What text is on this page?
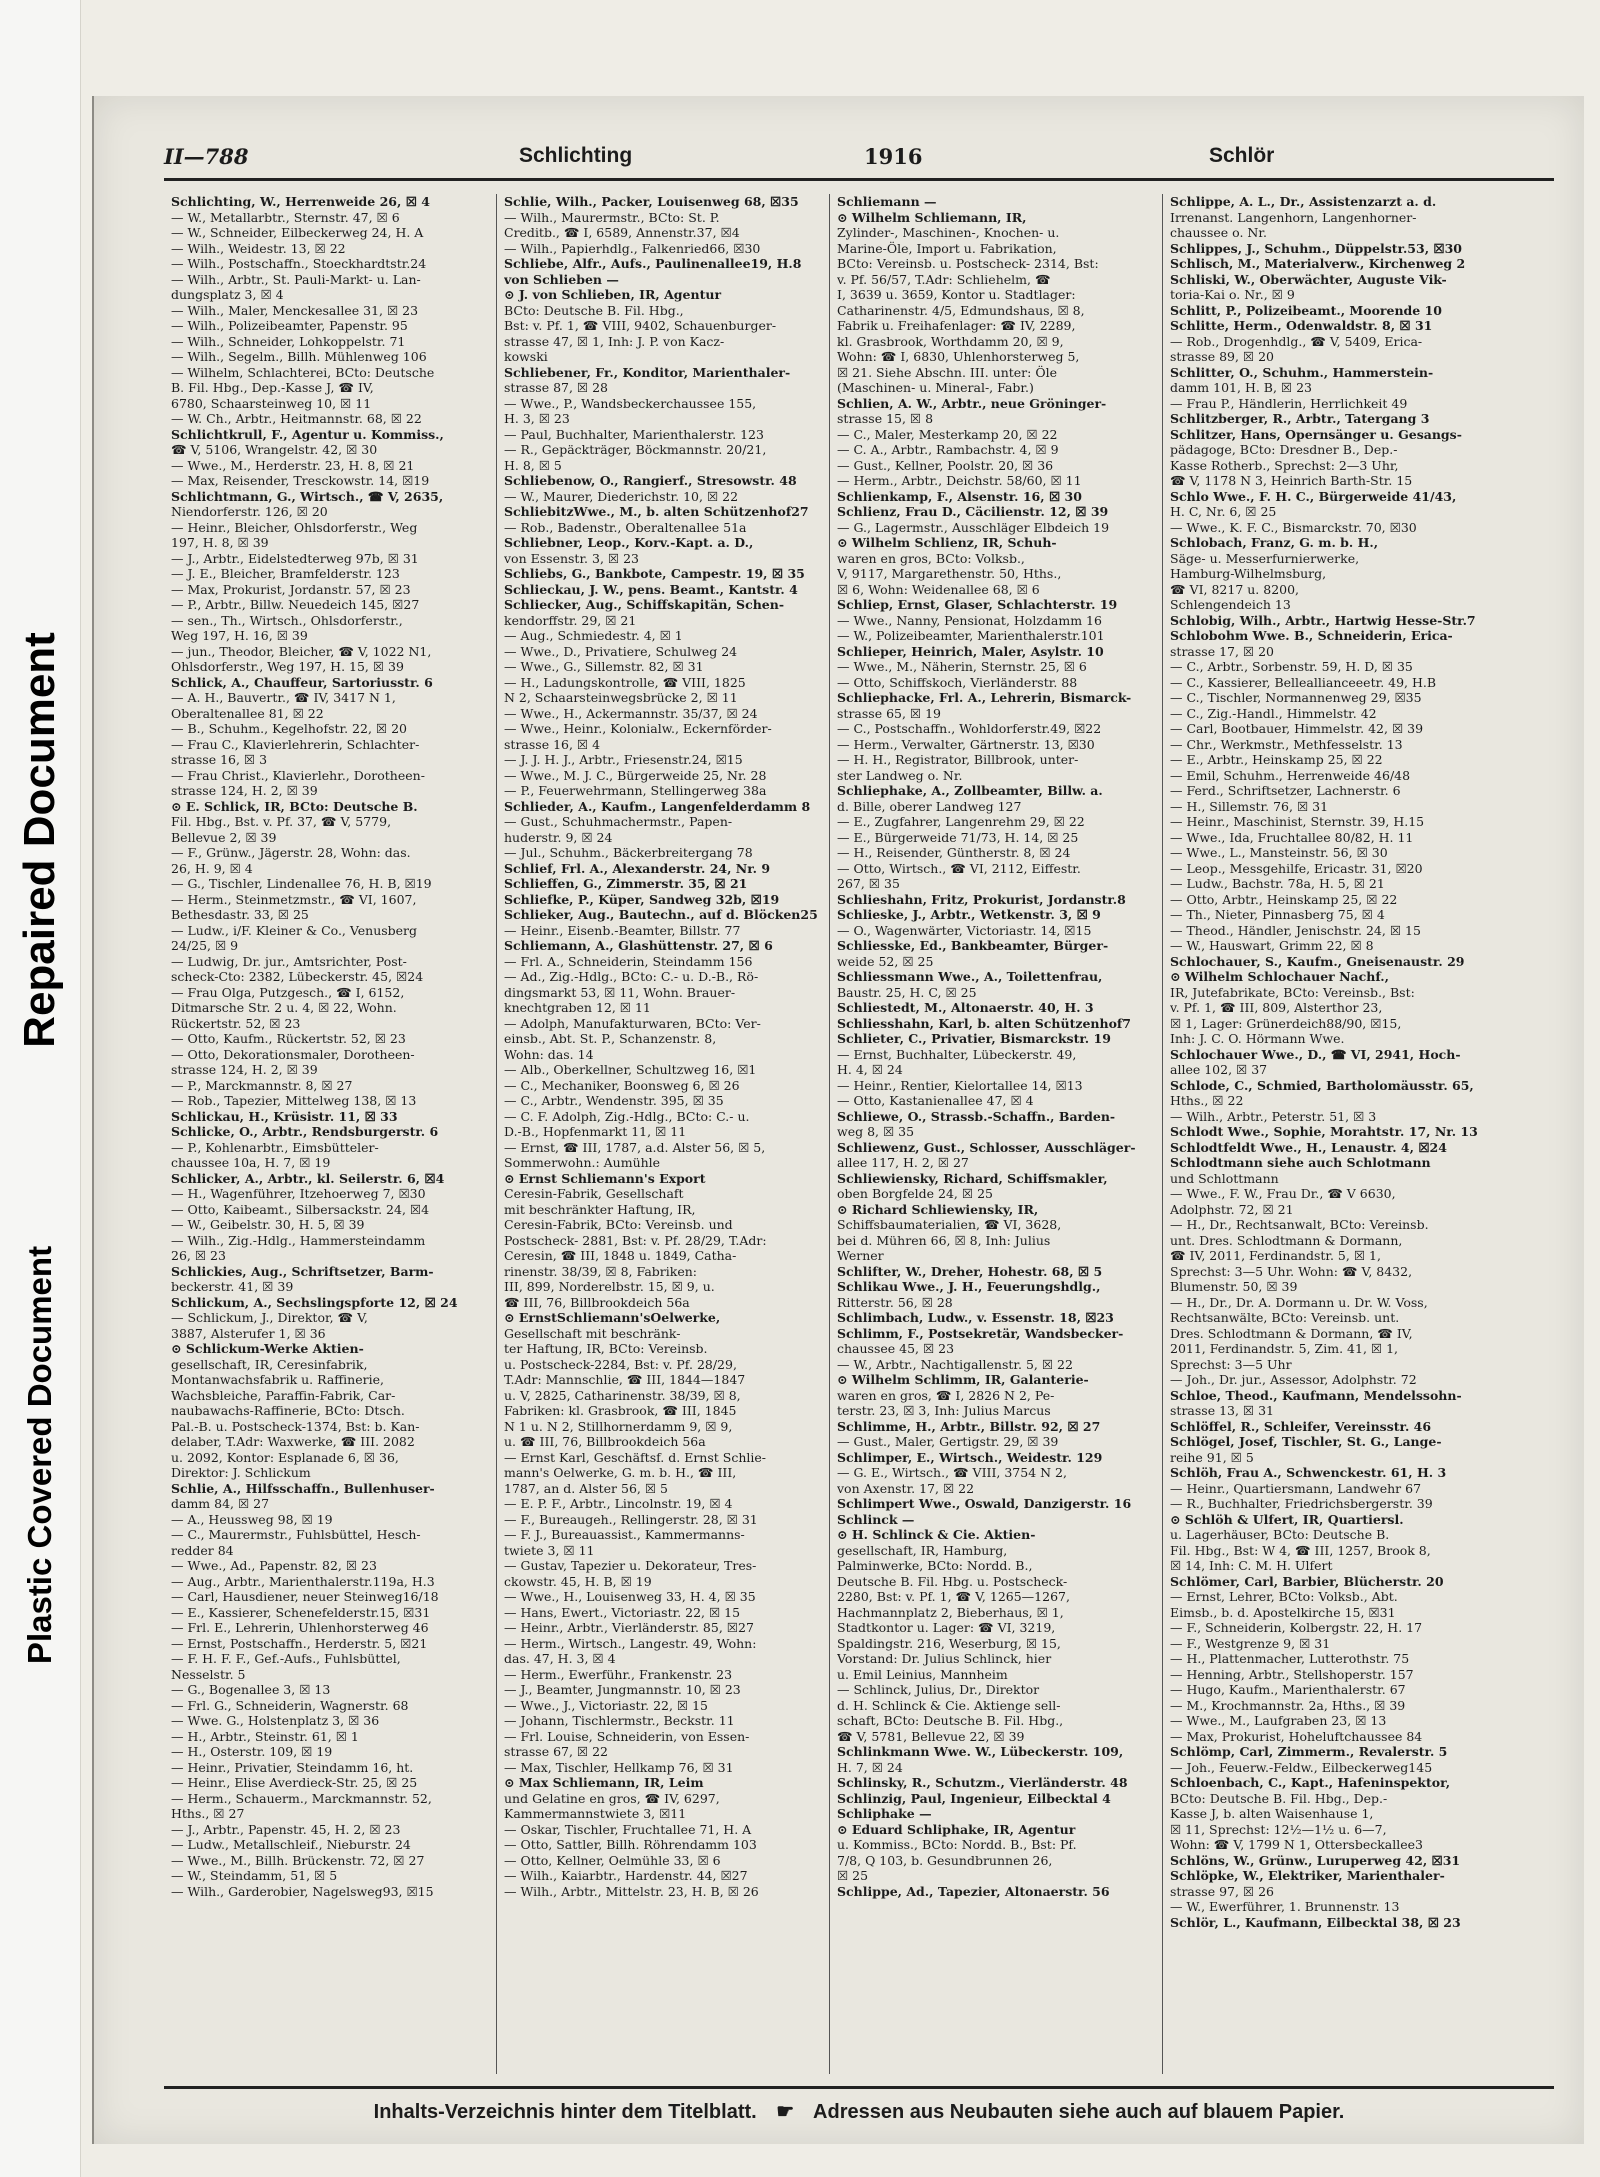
Plastic Covered Document
Repaired Document
II—788	Schlichting	1916	Schlör
Schlichting, W., Herrenweide 26, ☒ 4
— W., Metallarbtr., Sternstr. 47, ☒ 6
— W., Schneider, Eilbeckerweg 24, H. A
— Wilh., Weidestr. 13, ☒ 22
— Wilh., Postschaffn., Stoeckhardtstr.24
— Wilh., Arbtr., St. Pauli-Markt- u. Lan-
dungsplatz 3, ☒ 4
— Wilh., Maler, Menckesallee 31, ☒ 23
— Wilh., Polizeibeamter, Papenstr. 95
— Wilh., Schneider, Lohkoppelstr. 71
— Wilh., Segelm., Billh. Mühlenweg 106
— Wilhelm, Schlachterei, BCto: Deutsche
B. Fil. Hbg., Dep.-Kasse J, ☎ IV,
6780, Schaarsteinweg 10, ☒ 11
— W. Ch., Arbtr., Heitmannstr. 68, ☒ 22
Schlichtkrull, F., Agentur u. Kommiss.,
☎ V, 5106, Wrangelstr. 42, ☒ 30
— Wwe., M., Herderstr. 23, H. 8, ☒ 21
— Max, Reisender, Tresckowstr. 14, ☒19
Schlichtmann, G., Wirtsch., ☎ V, 2635,
Niendorferstr. 126, ☒ 20
— Heinr., Bleicher, Ohlsdorferstr., Weg
197, H. 8, ☒ 39
— J., Arbtr., Eidelstedterweg 97b, ☒ 31
— J. E., Bleicher, Bramfelderstr. 123
— Max, Prokurist, Jordanstr. 57, ☒ 23
— P., Arbtr., Billw. Neuedeich 145, ☒27
— sen., Th., Wirtsch., Ohlsdorferstr.,
Weg 197, H. 16, ☒ 39
— jun., Theodor, Bleicher, ☎ V, 1022 N1,
Ohlsdorferstr., Weg 197, H. 15, ☒ 39
Schlick, A., Chauffeur, Sartoriusstr. 6
— A. H., Bauvertr., ☎ IV, 3417 N 1,
Oberaltenallee 81, ☒ 22
— B., Schuhm., Kegelhofstr. 22, ☒ 20
— Frau C., Klavierlehrerin, Schlachter-
strasse 16, ☒ 3
— Frau Christ., Klavierlehr., Dorotheen-
strasse 124, H. 2, ☒ 39
⊙ E. Schlick, IR, BCto: Deutsche B.
Fil. Hbg., Bst. v. Pf. 37, ☎ V, 5779,
Bellevue 2, ☒ 39
— F., Grünw., Jägerstr. 28, Wohn: das.
26, H. 9, ☒ 4
— G., Tischler, Lindenallee 76, H. B, ☒19
— Herm., Steinmetzmstr., ☎ VI, 1607,
Bethesdastr. 33, ☒ 25
— Ludw., i/F. Kleiner & Co., Venusberg
24/25, ☒ 9
— Ludwig, Dr. jur., Amtsrichter, Post-
scheck-Cto: 2382, Lübeckerstr. 45, ☒24
— Frau Olga, Putzgesch., ☎ I, 6152,
Ditmarsche Str. 2 u. 4, ☒ 22, Wohn.
Rückertstr. 52, ☒ 23
— Otto, Kaufm., Rückertstr. 52, ☒ 23
— Otto, Dekorationsmaler, Dorotheen-
strasse 124, H. 2, ☒ 39
— P., Marckmannstr. 8, ☒ 27
— Rob., Tapezier, Mittelweg 138, ☒ 13
Schlickau, H., Krüsistr. 11, ☒ 33
Schlicke, O., Arbtr., Rendsburgerstr. 6
— P., Kohlenarbtr., Eimsbütteler-
chaussee 10a, H. 7, ☒ 19
Schlicker, A., Arbtr., kl. Seilerstr. 6, ☒4
— H., Wagenführer, Itzehoerweg 7, ☒30
— Otto, Kaibeamt., Silbersackstr. 24, ☒4
— W., Geibelstr. 30, H. 5, ☒ 39
— Wilh., Zig.-Hdlg., Hammersteindamm
26, ☒ 23
Schlickies, Aug., Schriftsetzer, Barm-
beckerstr. 41, ☒ 39
Schlickum, A., Sechslingspforte 12, ☒ 24
— Schlickum, J., Direktor, ☎ V,
3887, Alsterufer 1, ☒ 36
⊙ Schlickum-Werke Aktien-
gesellschaft, IR, Ceresinfabrik,
Montanwachsfabrik u. Raffinerie,
Wachsbleiche, Paraffin-Fabrik, Car-
naubawachs-Raffinerie, BCto: Dtsch.
Pal.-B. u. Postscheck-1374, Bst: b. Kan-
delaber, T.Adr: Waxwerke, ☎ III. 2082
u. 2092, Kontor: Esplanade 6, ☒ 36,
Direktor: J. Schlickum
Schlie, A., Hilfsschaffn., Bullenhuser-
damm 84, ☒ 27
— A., Heussweg 98, ☒ 19
— C., Maurermstr., Fuhlsbüttel, Hesch-
redder 84
— Wwe., Ad., Papenstr. 82, ☒ 23
— Aug., Arbtr., Marienthalerstr.119a, H.3
— Carl, Hausdiener, neuer Steinweg16/18
— E., Kassierer, Schenefelderstr.15, ☒31
— Frl. E., Lehrerin, Uhlenhorsterweg 46
— Ernst, Postschaffn., Herderstr. 5, ☒21
— F. H. F. F., Gef.-Aufs., Fuhlsbüttel,
Nesselstr. 5
— G., Bogenallee 3, ☒ 13
— Frl. G., Schneiderin, Wagnerstr. 68
— Wwe. G., Holstenplatz 3, ☒ 36
— H., Arbtr., Steinstr. 61, ☒ 1
— H., Osterstr. 109, ☒ 19
— Heinr., Privatier, Steindamm 16, ht.
— Heinr., Elise Averdieck-Str. 25, ☒ 25
— Herm., Schauerm., Marckmannstr. 52,
Hths., ☒ 27
— J., Arbtr., Papenstr. 45, H. 2, ☒ 23
— Ludw., Metallschleif., Nieburstr. 24
— Wwe., M., Billh. Brückenstr. 72, ☒ 27
— W., Steindamm, 51, ☒ 5
— Wilh., Garderobier, Nagelsweg93, ☒15
Schlie, Wilh., Packer, Louisenweg 68, ☒35
— Wilh., Maurermstr., BCto: St. P.
Creditb., ☎ I, 6589, Annenstr.37, ☒4
— Wilh., Papierhdlg., Falkenried66, ☒30
Schliebe, Alfr., Aufs., Paulinenallee19, H.8
von Schlieben —
⊙ J. von Schlieben, IR, Agentur
BCto: Deutsche B. Fil. Hbg.,
Bst: v. Pf. 1, ☎ VIII, 9402, Schauenburger-
strasse 47, ☒ 1, Inh: J. P. von Kacz-
kowski
Schliebener, Fr., Konditor, Marienthaler-
strasse 87, ☒ 28
— Wwe., P., Wandsbeckerchaussee 155,
H. 3, ☒ 23
— Paul, Buchhalter, Marienthalerstr. 123
— R., Gepäckträger, Böckmannstr. 20/21,
H. 8, ☒ 5
Schliebenow, O., Rangierf., Stresowstr. 48
— W., Maurer, Diederichstr. 10, ☒ 22
SchliebitzWwe., M., b. alten Schützenhof27
— Rob., Badenstr., Oberaltenallee 51a
Schliebner, Leop., Korv.-Kapt. a. D.,
von Essenstr. 3, ☒ 23
Schliebs, G., Bankbote, Campestr. 19, ☒ 35
Schlieckau, J. W., pens. Beamt., Kantstr. 4
Schliecker, Aug., Schiffskapitän, Schen-
kendorffstr. 29, ☒ 21
— Aug., Schmiedestr. 4, ☒ 1
— Wwe., D., Privatiere, Schulweg 24
— Wwe., G., Sillemstr. 82, ☒ 31
— H., Ladungskontrolle, ☎ VIII, 1825
N 2, Schaarsteinwegsbrücke 2, ☒ 11
— Wwe., H., Ackermannstr. 35/37, ☒ 24
— Wwe., Heinr., Kolonialw., Eckernförder-
strasse 16, ☒ 4
— J. J. H. J., Arbtr., Friesenstr.24, ☒15
— Wwe., M. J. C., Bürgerweide 25, Nr. 28
— P., Feuerwehrmann, Stellingerweg 38a
Schlieder, A., Kaufm., Langenfelderdamm 8
— Gust., Schuhmachermstr., Papen-
huderstr. 9, ☒ 24
— Jul., Schuhm., Bäckerbreitergang 78
Schlief, Frl. A., Alexanderstr. 24, Nr. 9
Schlieffen, G., Zimmerstr. 35, ☒ 21
Schliefke, P., Küper, Sandweg 32b, ☒19
Schlieker, Aug., Bautechn., auf d. Blöcken25
— Heinr., Eisenb.-Beamter, Billstr. 77
Schliemann, A., Glashüttenstr. 27, ☒ 6
— Frl. A., Schneiderin, Steindamm 156
— Ad., Zig.-Hdlg., BCto: C.- u. D.-B., Rö-
dingsmarkt 53, ☒ 11, Wohn. Brauer-
knechtgraben 12, ☒ 11
— Adolph, Manufakturwaren, BCto: Ver-
einsb., Abt. St. P., Schanzenstr. 8,
Wohn: das. 14
— Alb., Oberkellner, Schultzweg 16, ☒1
— C., Mechaniker, Boonsweg 6, ☒ 26
— C., Arbtr., Wendenstr. 395, ☒ 35
— C. F. Adolph, Zig.-Hdlg., BCto: C.- u.
D.-B., Hopfenmarkt 11, ☒ 11
— Ernst, ☎ III, 1787, a.d. Alster 56, ☒ 5,
Sommerwohn.: Aumühle
⊙ Ernst Schliemann's Export
Ceresin-Fabrik, Gesellschaft
mit beschränkter Haftung, IR,
Ceresin-Fabrik, BCto: Vereinsb. und
Postscheck- 2881, Bst: v. Pf. 28/29, T.Adr:
Ceresin, ☎ III, 1848 u. 1849, Catha-
rinenstr. 38/39, ☒ 8, Fabriken:
III, 899, Norderelbstr. 15, ☒ 9, u.
☎ III, 76, Billbrookdeich 56a
⊙ ErnstSchliemann'sOelwerke,
Gesellschaft mit beschränk-
ter Haftung, IR, BCto: Vereinsb.
u. Postscheck-2284, Bst: v. Pf. 28/29,
T.Adr: Mannschlie, ☎ III, 1844—1847
u. V, 2825, Catharinenstr. 38/39, ☒ 8,
Fabriken: kl. Grasbrook, ☎ III, 1845
N 1 u. N 2, Stillhornerdamm 9, ☒ 9,
u. ☎ III, 76, Billbrookdeich 56a
— Ernst Karl, Geschäftsf. d. Ernst Schlie-
mann's Oelwerke, G. m. b. H., ☎ III,
1787, an d. Alster 56, ☒ 5
— E. P. F., Arbtr., Lincolnstr. 19, ☒ 4
— F., Bureaugeh., Rellingerstr. 28, ☒ 31
— F. J., Bureauassist., Kammermanns-
twiete 3, ☒ 11
— Gustav, Tapezier u. Dekorateur, Tres-
ckowstr. 45, H. B, ☒ 19
— Wwe., H., Louisenweg 33, H. 4, ☒ 35
— Hans, Ewert., Victoriastr. 22, ☒ 15
— Heinr., Arbtr., Vierländerstr. 85, ☒27
— Herm., Wirtsch., Langestr. 49, Wohn:
das. 47, H. 3, ☒ 4
— Herm., Ewerführ., Frankenstr. 23
— J., Beamter, Jungmannstr. 10, ☒ 23
— Wwe., J., Victoriastr. 22, ☒ 15
— Johann, Tischlermstr., Beckstr. 11
— Frl. Louise, Schneiderin, von Essen-
strasse 67, ☒ 22
— Max, Tischler, Hellkamp 76, ☒ 31
⊙ Max Schliemann, IR, Leim
und Gelatine en gros, ☎ IV, 6297,
Kammermannstwiete 3, ☒11
— Oskar, Tischler, Fruchtallee 71, H. A
— Otto, Sattler, Billh. Röhrendamm 103
— Otto, Kellner, Oelmühle 33, ☒ 6
— Wilh., Kaiarbtr., Hardenstr. 44, ☒27
— Wilh., Arbtr., Mittelstr. 23, H. B, ☒ 26
Schliemann —
⊙ Wilhelm Schliemann, IR,
Zylinder-, Maschinen-, Knochen- u.
Marine-Öle, Import u. Fabrikation,
BCto: Vereinsb. u. Postscheck- 2314, Bst:
v. Pf. 56/57, T.Adr: Schliehelm, ☎
I, 3639 u. 3659, Kontor u. Stadtlager:
Catharinenstr. 4/5, Edmundshaus, ☒ 8,
Fabrik u. Freihafenlager: ☎ IV, 2289,
kl. Grasbrook, Worthdamm 20, ☒ 9,
Wohn: ☎ I, 6830, Uhlenhorsterweg 5,
☒ 21. Siehe Abschn. III. unter: Öle
(Maschinen- u. Mineral-, Fabr.)
Schlien, A. W., Arbtr., neue Gröninger-
strasse 15, ☒ 8
— C., Maler, Mesterkamp 20, ☒ 22
— C. A., Arbtr., Rambachstr. 4, ☒ 9
— Gust., Kellner, Poolstr. 20, ☒ 36
— Herm., Arbtr., Deichstr. 58/60, ☒ 11
Schlienkamp, F., Alsenstr. 16, ☒ 30
Schlienz, Frau D., Cäcilienstr. 12, ☒ 39
— G., Lagermstr., Ausschläger Elbdeich 19
⊙ Wilhelm Schlienz, IR, Schuh-
waren en gros, BCto: Volksb.,
V, 9117, Margarethenstr. 50, Hths.,
☒ 6, Wohn: Weidenallee 68, ☒ 6
Schliep, Ernst, Glaser, Schlachterstr. 19
— Wwe., Nanny, Pensionat, Holzdamm 16
— W., Polizeibeamter, Marienthalerstr.101
Schlieper, Heinrich, Maler, Asylstr. 10
— Wwe., M., Näherin, Sternstr. 25, ☒ 6
— Otto, Schiffskoch, Vierländerstr. 88
Schliephacke, Frl. A., Lehrerin, Bismarck-
strasse 65, ☒ 19
— C., Postschaffn., Wohldorferstr.49, ☒22
— Herm., Verwalter, Gärtnerstr. 13, ☒30
— H. H., Registrator, Billbrook, unter-
ster Landweg o. Nr.
Schliephake, A., Zollbeamter, Billw. a.
d. Bille, oberer Landweg 127
— E., Zugfahrer, Langenrehm 29, ☒ 22
— E., Bürgerweide 71/73, H. 14, ☒ 25
— H., Reisender, Güntherstr. 8, ☒ 24
— Otto, Wirtsch., ☎ VI, 2112, Eiffestr.
267, ☒ 35
Schlieshahn, Fritz, Prokurist, Jordanstr.8
Schlieske, J., Arbtr., Wetkenstr. 3, ☒ 9
— O., Wagenwärter, Victoriastr. 14, ☒15
Schliesske, Ed., Bankbeamter, Bürger-
weide 52, ☒ 25
Schliessmann Wwe., A., Toilettenfrau,
Baustr. 25, H. C, ☒ 25
Schliestedt, M., Altonaerstr. 40, H. 3
Schliesshahn, Karl, b. alten Schützenhof7
Schlieter, C., Privatier, Bismarckstr. 19
— Ernst, Buchhalter, Lübeckerstr. 49,
H. 4, ☒ 24
— Heinr., Rentier, Kielortallee 14, ☒13
— Otto, Kastanienallee 47, ☒ 4
Schliewe, O., Strassb.-Schaffn., Barden-
weg 8, ☒ 35
Schliewenz, Gust., Schlosser, Ausschläger-
allee 117, H. 2, ☒ 27
Schliewiensky, Richard, Schiffsmakler,
oben Borgfelde 24, ☒ 25
⊙ Richard Schliewiensky, IR,
Schiffsbaumaterialien, ☎ VI, 3628,
bei d. Mühren 66, ☒ 8, Inh: Julius
Werner
Schlifter, W., Dreher, Hohestr. 68, ☒ 5
Schlikau Wwe., J. H., Feuerungshdlg.,
Ritterstr. 56, ☒ 28
Schlimbach, Ludw., v. Essenstr. 18, ☒23
Schlimm, F., Postsekretär, Wandsbecker-
chaussee 45, ☒ 23
— W., Arbtr., Nachtigallenstr. 5, ☒ 22
⊙ Wilhelm Schlimm, IR, Galanterie-
waren en gros, ☎ I, 2826 N 2, Pe-
terstr. 23, ☒ 3, Inh: Julius Marcus
Schlimme, H., Arbtr., Billstr. 92, ☒ 27
— Gust., Maler, Gertigstr. 29, ☒ 39
Schlimper, E., Wirtsch., Weidestr. 129
— G. E., Wirtsch., ☎ VIII, 3754 N 2,
von Axenstr. 17, ☒ 22
Schlimpert Wwe., Oswald, Danzigerstr. 16
Schlinck —
⊙ H. Schlinck & Cie. Aktien-
gesellschaft, IR, Hamburg,
Palminwerke, BCto: Nordd. B.,
Deutsche B. Fil. Hbg. u. Postscheck-
2280, Bst: v. Pf. 1, ☎ V, 1265—1267,
Hachmannplatz 2, Bieberhaus, ☒ 1,
Stadtkontor u. Lager: ☎ VI, 3219,
Spaldingstr. 216, Weserburg, ☒ 15,
Vorstand: Dr. Julius Schlinck, hier
u. Emil Leinius, Mannheim
— Schlinck, Julius, Dr., Direktor
d. H. Schlinck & Cie. Aktienge sell-
schaft, BCto: Deutsche B. Fil. Hbg.,
☎ V, 5781, Bellevue 22, ☒ 39
Schlinkmann Wwe. W., Lübeckerstr. 109,
H. 7, ☒ 24
Schlinsky, R., Schutzm., Vierländerstr. 48
Schlinzig, Paul, Ingenieur, Eilbecktal 4
Schliphake —
⊙ Eduard Schliphake, IR, Agentur
u. Kommiss., BCto: Nordd. B., Bst: Pf.
7/8, Q 103, b. Gesundbrunnen 26,
☒ 25
Schlippe, Ad., Tapezier, Altonaerstr. 56
Schlippe, A. L., Dr., Assistenzarzt a. d.
Irrenanst. Langenhorn, Langenhorner-
chaussee o. Nr.
Schlippes, J., Schuhm., Düppelstr.53, ☒30
Schlisch, M., Materialverw., Kirchenweg 2
Schliski, W., Oberwächter, Auguste Vik-
toria-Kai o. Nr., ☒ 9
Schlitt, P., Polizeibeamt., Moorende 10
Schlitte, Herm., Odenwaldstr. 8, ☒ 31
— Rob., Drogenhdlg., ☎ V, 5409, Erica-
strasse 89, ☒ 20
Schlitter, O., Schuhm., Hammerstein-
damm 101, H. B, ☒ 23
— Frau P., Händlerin, Herrlichkeit 49
Schlitzberger, R., Arbtr., Tatergang 3
Schlitzer, Hans, Opernsänger u. Gesangs-
pädagoge, BCto: Dresdner B., Dep.-
Kasse Rotherb., Sprechst: 2—3 Uhr,
☎ V, 1178 N 3, Heinrich Barth-Str. 15
Schlo Wwe., F. H. C., Bürgerweide 41/43,
H. C, Nr. 6, ☒ 25
— Wwe., K. F. C., Bismarckstr. 70, ☒30
Schlobach, Franz, G. m. b. H.,
Säge- u. Messerfurnierwerke,
Hamburg-Wilhelmsburg,
☎ VI, 8217 u. 8200,
Schlengendeich 13
Schlobig, Wilh., Arbtr., Hartwig Hesse-Str.7
Schlobohm Wwe. B., Schneiderin, Erica-
strasse 17, ☒ 20
— C., Arbtr., Sorbenstr. 59, H. D, ☒ 35
— C., Kassierer, Belleallianceeetr. 49, H.B
— C., Tischler, Normannenweg 29, ☒35
— C., Zig.-Handl., Himmelstr. 42
— Carl, Bootbauer, Himmelstr. 42, ☒ 39
— Chr., Werkmstr., Methfesselstr. 13
— E., Arbtr., Heinskamp 25, ☒ 22
— Emil, Schuhm., Herrenweide 46/48
— Ferd., Schriftsetzer, Lachnerstr. 6
— H., Sillemstr. 76, ☒ 31
— Heinr., Maschinist, Sternstr. 39, H.15
— Wwe., Ida, Fruchtallee 80/82, H. 11
— Wwe., L., Mansteinstr. 56, ☒ 30
— Leop., Messgehilfe, Ericastr. 31, ☒20
— Ludw., Bachstr. 78a, H. 5, ☒ 21
— Otto, Arbtr., Heinskamp 25, ☒ 22
— Th., Nieter, Pinnasberg 75, ☒ 4
— Theod., Händler, Jenischstr. 24, ☒ 15
— W., Hauswart, Grimm 22, ☒ 8
Schlochauer, S., Kaufm., Gneisenaustr. 29
⊙ Wilhelm Schlochauer Nachf.,
IR, Jutefabrikate, BCto: Vereinsb., Bst:
v. Pf. 1, ☎ III, 809, Alsterthor 23,
☒ 1, Lager: Grünerdeich88/90, ☒15,
Inh: J. C. O. Hörmann Wwe.
Schlochauer Wwe., D., ☎ VI, 2941, Hoch-
allee 102, ☒ 37
Schlode, C., Schmied, Bartholomäusstr. 65,
Hths., ☒ 22
— Wilh., Arbtr., Peterstr. 51, ☒ 3
Schlodt Wwe., Sophie, Morahtstr. 17, Nr. 13
Schlodtfeldt Wwe., H., Lenaustr. 4, ☒24
Schlodtmann siehe auch Schlotmann
und Schlottmann
— Wwe., F. W., Frau Dr., ☎ V 6630,
Adolphstr. 72, ☒ 21
— H., Dr., Rechtsanwalt, BCto: Vereinsb.
unt. Dres. Schlodtmann & Dormann,
☎ IV, 2011, Ferdinandstr. 5, ☒ 1,
Sprechst: 3—5 Uhr. Wohn: ☎ V, 8432,
Blumenstr. 50, ☒ 39
— H., Dr., Dr. A. Dormann u. Dr. W. Voss,
Rechtsanwälte, BCto: Vereinsb. unt.
Dres. Schlodtmann & Dormann, ☎ IV,
2011, Ferdinandstr. 5, Zim. 41, ☒ 1,
Sprechst: 3—5 Uhr
— Joh., Dr. jur., Assessor, Adolphstr. 72
Schloe, Theod., Kaufmann, Mendelssohn-
strasse 13, ☒ 31
Schlöffel, R., Schleifer, Vereinsstr. 46
Schlögel, Josef, Tischler, St. G., Lange-
reihe 91, ☒ 5
Schlöh, Frau A., Schwenckestr. 61, H. 3
— Heinr., Quartiersmann, Landwehr 67
— R., Buchhalter, Friedrichsbergerstr. 39
⊙ Schlöh & Ulfert, IR, Quartiersl.
u. Lagerhäuser, BCto: Deutsche B.
Fil. Hbg., Bst: W 4, ☎ III, 1257, Brook 8,
☒ 14, Inh: C. M. H. Ulfert
Schlömer, Carl, Barbier, Blücherstr. 20
— Ernst, Lehrer, BCto: Volksb., Abt.
Eimsb., b. d. Apostelkirche 15, ☒31
— F., Schneiderin, Kolbergstr. 22, H. 17
— F., Westgrenze 9, ☒ 31
— H., Plattenmacher, Lutterothstr. 75
— Henning, Arbtr., Stellshoperstr. 157
— Hugo, Kaufm., Marienthalerstr. 67
— M., Krochmannstr. 2a, Hths., ☒ 39
— Wwe., M., Laufgraben 23, ☒ 13
— Max, Prokurist, Hoheluftchaussee 84
Schlömp, Carl, Zimmerm., Revalerstr. 5
— Joh., Feuerw.-Feldw., Eilbeckerweg145
Schloenbach, C., Kapt., Hafeninspektor,
BCto: Deutsche B. Fil. Hbg., Dep.-
Kasse J, b. alten Waisenhause 1,
☒ 11, Sprechst: 12½—1½ u. 6—7,
Wohn: ☎ V, 1799 N 1, Ottersbeckallee3
Schlöns, W., Grünw., Luruperweg 42, ☒31
Schlöpke, W., Elektriker, Marienthaler-
strasse 97, ☒ 26
— W., Ewerführer, 1. Brunnenstr. 13
Schlör, L., Kaufmann, Eilbecktal 38, ☒ 23
Inhalts-Verzeichnis hinter dem Titelblatt. ☛ Adressen aus Neubauten siehe auch auf blauem Papier.
